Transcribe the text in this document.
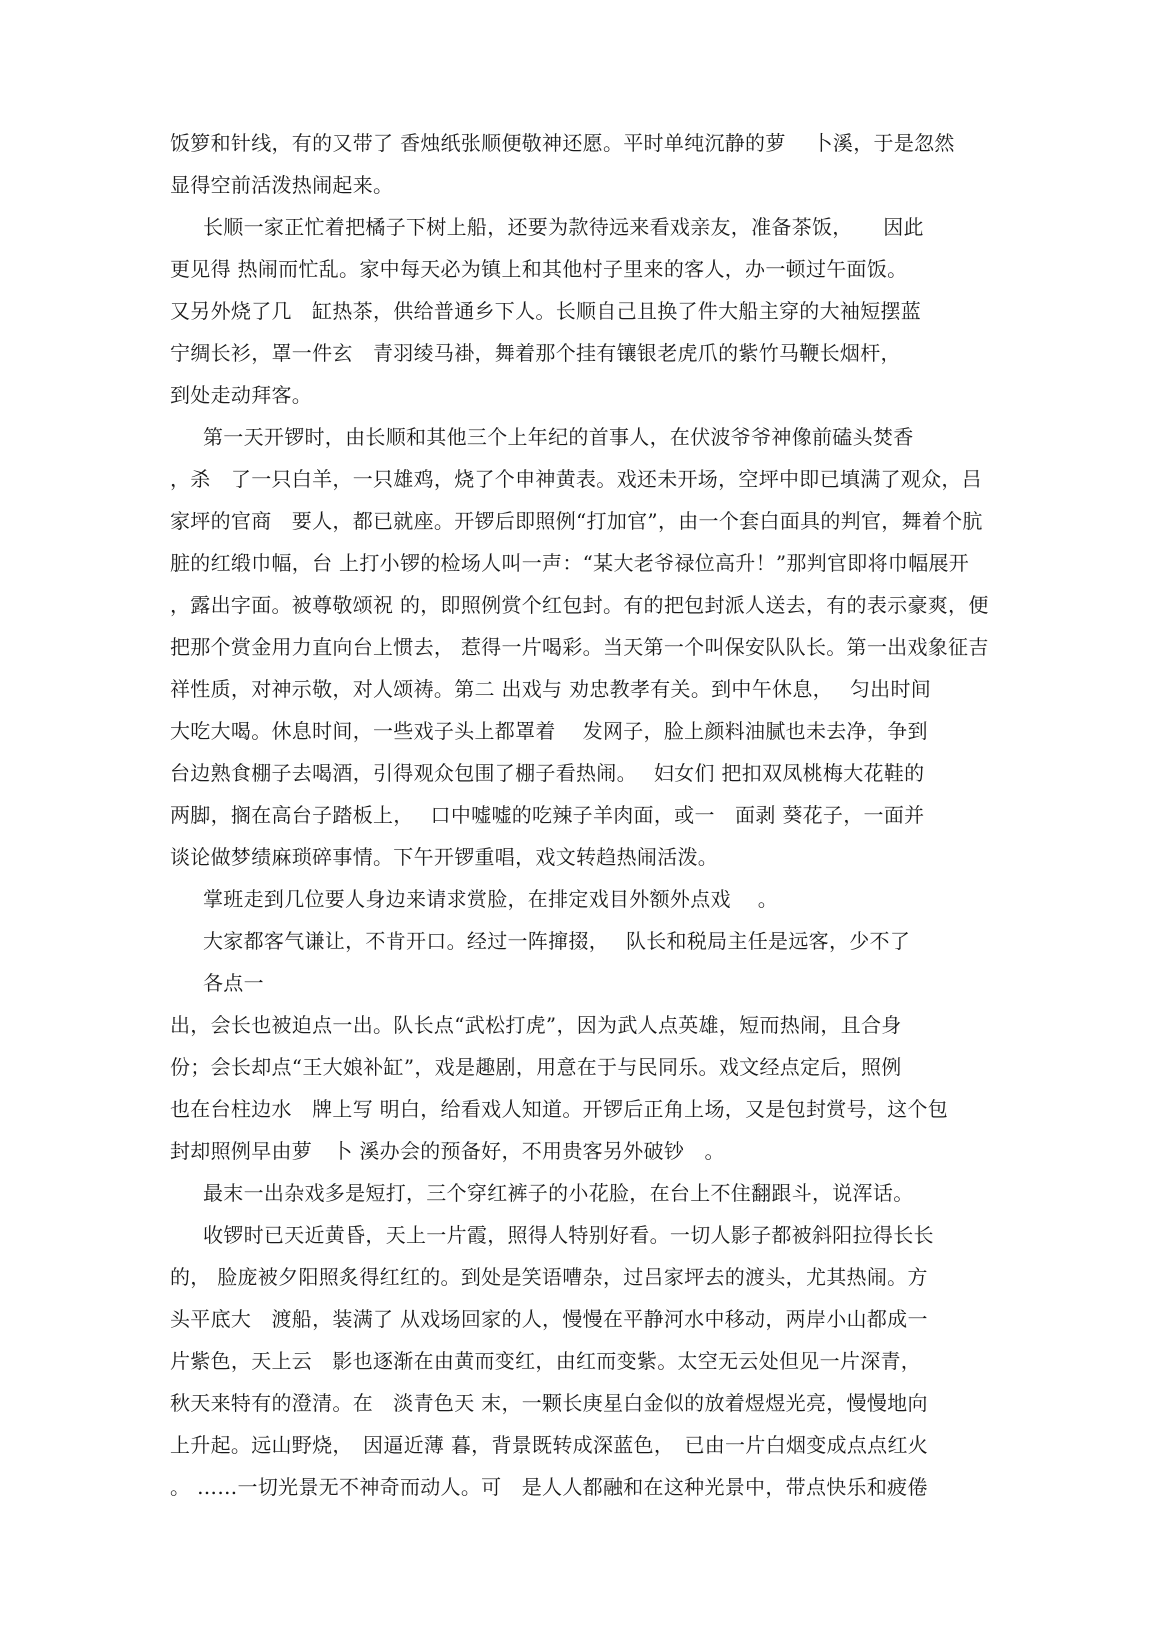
饭箩和针线，有的又带了 香烛纸张顺便敬神还愿。平时单纯沉静的萝　 卜溪，于是忽然
显得空前活泼热闹起来。
长顺一家正忙着把橘子下树上船，还要为款待远来看戏亲友，准备茶饭，　　因此
更见得 热闹而忙乱。家中每天必为镇上和其他村子里来的客人，办一顿过午面饭。
又另外烧了几　缸热茶，供给普通乡下人。长顺自己且换了件大船主穿的大袖短摆蓝
宁绸长衫，罩一件玄　青羽绫马褂，舞着那个挂有镶银老虎爪的紫竹马鞭长烟杆，
到处走动拜客。
第一天开锣时，由长顺和其他三个上年纪的首事人，在伏波爷爷神像前磕头焚香
，杀　了一只白羊，一只雄鸡，烧了个申神黄表。戏还未开场，空坪中即已填满了观众，吕
家坪的官商　要人，都已就座。开锣后即照例“打加官”，由一个套白面具的判官，舞着个肮
脏的红缎巾幅，台 上打小锣的检场人叫一声：“某大老爷禄位高升！”那判官即将巾幅展开
，露出字面。被尊敬颂祝 的，即照例赏个红包封。有的把包封派人送去，有的表示豪爽，便
把那个赏金用力直向台上惯去， 惹得一片喝彩。当天第一个叫保安队队长。第一出戏象征吉
祥性质，对神示敬，对人颂祷。第二 出戏与 劝忠教孝有关。到中午休息，　 匀出时间
大吃大喝。休息时间，一些戏子头上都罩着　 发网子，脸上颜料油腻也未去净，争到
台边熟食棚子去喝酒，引得观众包围了棚子看热闹。　 妇女们 把扣双凤桃梅大花鞋的
两脚，搁在高台子踏板上，　 口中嘘嘘的吃辣子羊肉面，或一　面剥 葵花子，一面并
谈论做梦绩麻琐碎事情。下午开锣重唱，戏文转趋热闹活泼。
掌班走到几位要人身边来请求赏脸，在排定戏目外额外点戏　 。
大家都客气谦让，不肯开口。经过一阵撺掇，　 队长和税局主任是远客，少不了
各点一
出，会长也被迫点一出。队长点“武松打虎”，因为武人点英雄，短而热闹，且合身
份；会长却点“王大娘补缸”，戏是趣剧，用意在于与民同乐。戏文经点定后，照例
也在台柱边水　牌上写 明白，给看戏人知道。开锣后正角上场，又是包封赏号，这个包
封却照例早由萝　卜 溪办会的预备好，不用贵客另外破钞　。
最末一出杂戏多是短打，三个穿红裤子的小花脸，在台上不住翻跟斗，说浑话。
收锣时已天近黄昏，天上一片霞，照得人特别好看。一切人影子都被斜阳拉得长长
的， 脸庞被夕阳照炙得红红的。到处是笑语嘈杂，过吕家坪去的渡头，尤其热闹。方
头平底大　渡船，装满了 从戏场回家的人，慢慢在平静河水中移动，两岸小山都成一
片紫色，天上云　影也逐渐在由黄而变红，由红而变紫。太空无云处但见一片深青，
秋天来特有的澄清。在　淡青色天 末，一颗长庚星白金似的放着煜煜光亮，慢慢地向
上升起。远山野烧，　因逼近薄 暮，背景既转成深蓝色，　已由一片白烟变成点点红火
。 ……一切光景无不神奇而动人。可　是人人都融和在这种光景中，带点快乐和疲倦
